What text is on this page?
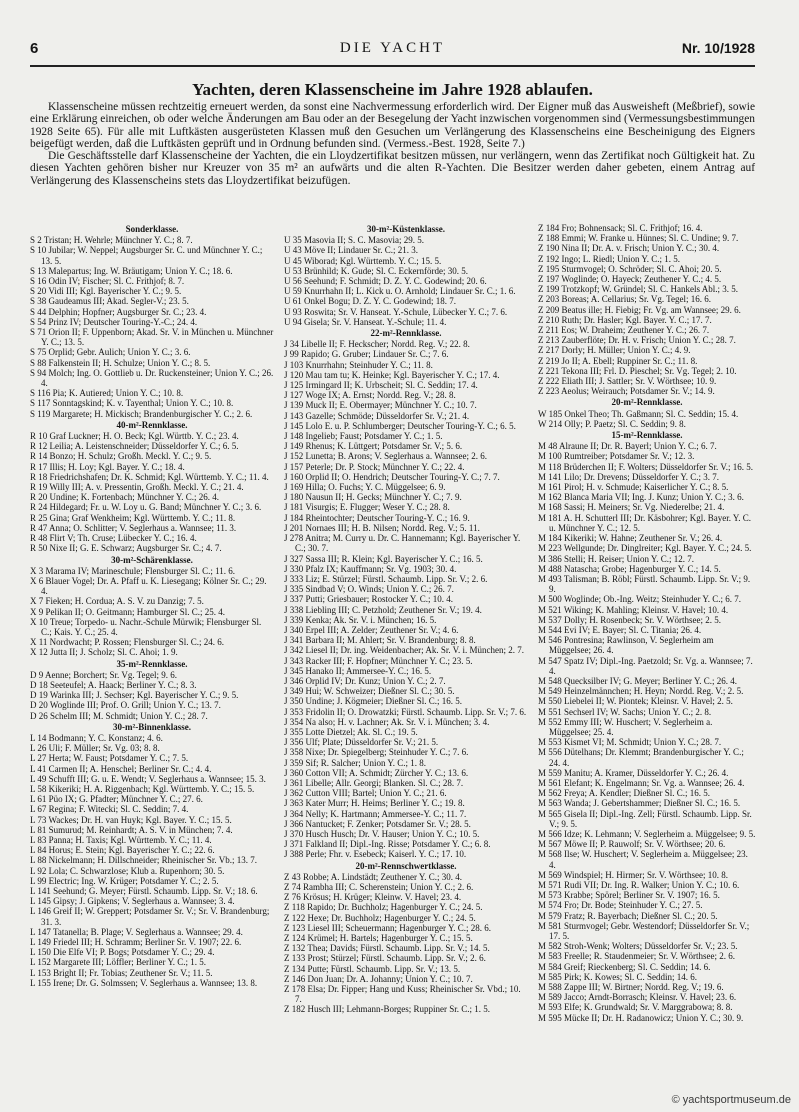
6	DIE YACHT	Nr. 10/1928
Yachten, deren Klassenscheine im Jahre 1928 ablaufen.

Klassenscheine müssen rechtzeitig erneuert werden, da sonst eine Nachvermessung erforderlich wird. Der Eigner muß das Ausweisheft (Meßbrief), sowie eine Erklärung einreichen, ob oder welche Änderungen am Bau oder an der Besegelung der Yacht inzwischen vorgenommen sind (Vermessungsbestimmungen 1928 Seite 65). Für alle mit Luftkästen ausgerüsteten Klassen muß den Gesuchen um Verlängerung des Klassenscheins eine Bescheinigung des Eigners beigefügt werden, daß die Luftkästen geprüft und in Ordnung befunden sind. (Vermess.-Best. 1928, Seite 7.)

Die Geschäftsstelle darf Klassenscheine der Yachten, die ein Lloydzertifikat besitzen müssen, nur verlängern, wenn das Zertifikat noch Gültigkeit hat. Zu diesen Yachten gehören bisher nur Kreuzer von 35 m² an aufwärts und die alten R-Yachten. Die Besitzer werden daher gebeten, einem Antrag auf Verlängerung des Klassenscheins stets das Lloydzertifikat beizufügen.

Sonderklasse.
S 2 Tristan; H. Wehrle; Münchner Y. C.; 8. 7.
S 10 Jubilar; W. Neppel; Augsburger Sr. C. und Münchner Y. C.; 13. 5.
S 13 Malepartus; Ing. W. Bräutigam; Union Y. C.; 18. 6.
S 16 Odin IV; Fischer; Sl. C. Frithjof; 8. 7.
S 20 Vidi III; Kgl. Bayerischer Y. C.; 9. 5.
S 38 Gaudeamus III; Akad. Segler-V.; 23. 5.
S 44 Delphin; Hopfner; Augsburger Sr. C.; 23. 4.
S 54 Prinz IV; Deutscher Touring-Y.-C.; 24. 4.
S 71 Orion II; F. Uppenborn; Akad. Sr. V. in München u. Münchner Y. C.; 13. 5.
S 75 Orplid; Gebr. Aulich; Union Y. C.; 3. 6.
S 88 Falkenstein II; H. Schulze; Union Y. C.; 8. 5.
S 94 Molch; Ing. O. Gottlieb u. Dr. Ruckensteiner; Union Y. C.; 26. 4.
S 116 Pia; K. Autiered; Union Y. C.; 10. 8.
S 117 Sonntagskind; K. v. Tayenthal; Union Y. C.; 10. 8.
S 119 Margarete; H. Mickisch; Brandenburgischer Y. C.; 2. 6.
40-m²-Rennklasse.
R 10 Graf Luckner; H. O. Beck; Kgl. Württb. Y. C.; 23. 4.
R 12 Leilia; A. Leistenschneider; Düsseldorfer Y. C.; 6. 5.
R 14 Bonzo; H. Schulz; Großh. Meckl. Y. C.; 9. 5.
R 17 Illis; H. Loy; Kgl. Bayer. Y. C.; 18. 4.
R 18 Friedrichshafen; Dr. K. Schmid; Kgl. Württemb. Y. C.; 11. 4.
R 19 Willy III; A. v. Pressentin, Großh. Meckl. Y. C.; 21. 4.
R 20 Undine; K. Fortenbach; Münchner Y. C.; 26. 4.
R 24 Hildegard; Fr. u. W. Loy u. G. Band; Münchner Y. C.; 3. 6.
R 25 Gina; Graf Wenkheim; Kgl. Württemb. Y. C.; 11. 8.
R 47 Anna; O. Schlitter; V. Seglerhaus a. Wannsee; 11. 3.
R 48 Flirt V; Th. Cruse; Lübecker Y. C.; 16. 4.
R 50 Nixe II; G. E. Schwarz; Augsburger Sr. C.; 4. 7.
30-m²-Schärenklasse.
X 3 Marama IV; Marineschule; Flensburger Sl. C.; 11. 6.
X 6 Blauer Vogel; Dr. A. Pfaff u. K. Liesegang; Kölner Sr. C.; 29. 4.
X 7 Fieken; H. Cordua; A. S. V. zu Danzig; 7. 5.
X 9 Pelikan II; O. Geitmann; Hamburger Sl. C.; 25. 4.
X 10 Treue; Torpedo- u. Nachr.-Schule Mürwik; Flensburger Sl. C.; Kais. Y. C.; 25. 4.
X 11 Nordwacht; P. Rossen; Flensburger Sl. C.; 24. 6.
X 12 Jutta II; J. Scholz; Sl. C. Ahoi; 1. 9.
35-m²-Rennklasse.
D 9 Aenne; Borchert; Sr. Vg. Tegel; 9. 6.
D 18 Seeteufel; A. Haack; Berliner Y. C.; 8. 3.
D 19 Warinka III; J. Sechser; Kgl. Bayerischer Y. C.; 9. 5.
D 20 Woglinde III; Prof. O. Grill; Union Y. C.; 13. 7.
D 26 Schelm III; M. Schmidt; Union Y. C.; 28. 7.
30-m²-Binnenklasse.
L 14 Bodmann; Y. C. Konstanz; 4. 6.
L 26 Uli; F. Müller; Sr. Vg. 03; 8. 8.
L 27 Herta; W. Faust; Potsdamer Y. C.; 7. 5.
L 41 Carmen II; A. Henschel; Berliner Sr. C.; 4. 4.
L 49 Schufft III; G. u. E. Wendt; V. Seglerhaus a. Wannsee; 15. 3.
L 58 Kikeriki; H. A. Riggenbach; Kgl. Württemb. Y. C.; 15. 5.
L 61 Püo IX; G. Pfadter; Münchner Y. C.; 27. 6.
L 67 Regina; F. Witecki; Sl. C. Seddin; 7. 4.
L 73 Wackes; Dr. H. van Huyk; Kgl. Bayer. Y. C.; 15. 5.
L 81 Sumurud; M. Reinhardt; A. S. V. in München; 7. 4.
L 83 Panna; H. Taxis; Kgl. Württemb. Y. C.; 11. 4.
L 84 Horus; E. Stein; Kgl. Bayerischer Y. C.; 22. 6.
L 88 Nickelmann; H. Dillschneider; Rheinischer Sr. Vb.; 13. 7.
L 92 Lola; C. Schwarzlose; Klub a. Rupenhorn; 30. 5.
L 99 Electric; Ing. W. Krüger; Potsdamer Y. C.; 2. 5.
L 141 Seehund; G. Meyer; Fürstl. Schaumb. Lipp. Sr. V.; 18. 6.
L 145 Gipsy; J. Gipkens; V. Seglerhaus a. Wannsee; 3. 4.
L 146 Greif II; W. Greppert; Potsdamer Sr. V.; Sr. V. Brandenburg; 31. 3.
L 147 Tatanella; B. Plage; V. Seglerhaus a. Wannsee; 29. 4.
L 149 Friedel III; H. Schramm; Berliner Sr. V. 1907; 22. 6.
L 150 Die Elfe VI; P. Bogs; Potsdamer Y. C.; 29. 4.
L 152 Margarete III; Löffler; Berliner Y. C.; 1. 5.
L 153 Bright II; Fr. Tobias; Zeuthener Sr. V.; 11. 5.
L 155 Irene; Dr. G. Solmssen; V. Seglerhaus a. Wannsee; 13. 8.
30-m²-Küstenklasse.
U 35 Masovia II; S. C. Masovia; 29. 5.
U 43 Möve II; Lindauer Sr. C.; 21. 3.
U 45 Wiborad; Kgl. Württemb. Y. C.; 15. 5.
U 53 Brünhild; K. Gude; Sl. C. Eckernförde; 30. 5.
U 56 Seehund; F. Schmidt; D. Z. Y. C. Godewind; 20. 6.
U 59 Knurrhahn II; L. Kick u. O. Arnhold; Lindauer Sr. C.; 1. 6.
U 61 Onkel Bogu; D. Z. Y. C. Godewind; 18. 7.
U 93 Roswita; Sr. V. Hanseat. Y.-Schule, Lübecker Y. C.; 7. 6.
U 94 Gisela; Sr. V. Hanseat. Y.-Schule; 11. 4.
22-m²-Rennklasse.
J 34 Libelle II; F. Heckscher; Nordd. Reg. V.; 22. 8.
J 99 Rapido; G. Gruber; Lindauer Sr. C.; 7. 6.
J 103 Knurrhahn; Steinhuder Y. C.; 11. 8.
J 120 Mau tam tu; K. Heinke; Kgl. Bayerischer Y. C.; 17. 4.
J 125 Irmingard II; K. Urbscheit; Sl. C. Seddin; 17. 4.
J 127 Woge IX; A. Ernst; Nordd. Reg. V.; 28. 8.
J 139 Muck II; E. Obermayer; Münchner Y. C.; 10. 7.
J 143 Gazelle; Schmöde; Düsseldorfer Sr. V.; 21. 4.
J 145 Lolo E. u. P. Schlumberger; Deutscher Touring-Y. C.; 6. 5.
J 148 Ingelieb; Faust; Potsdamer Y. C.; 1. 5.
J 149 Rhenus; K. Lüttgert; Potsdamer Sr. V.; 5. 6.
J 152 Lunetta; B. Arons; V. Seglerhaus a. Wannsee; 2. 6.
J 157 Peterle; Dr. P. Stock; Münchner Y. C.; 22. 4.
J 160 Orplid II; O. Hendrich; Deutscher Touring-Y. C.; 7. 7.
J 169 Hilla; O. Fuchs; Y. C. Müggelsee; 6. 9.
J 180 Nausun II; H. Gecks; Münchner Y. C.; 7. 9.
J 181 Visurgis; E. Flugger; Weser Y. C.; 28. 8.
J 184 Rheintochter; Deutscher Touring-Y. C.; 16. 9.
J 201 Nornaes III; H. B. Nilsen; Nordd. Reg. V.; 5. 11.
J 278 Anitra; M. Curry u. Dr. C. Hannemann; Kgl. Bayerischer Y. C.; 30. 7.
J 327 Sassa III; R. Klein; Kgl. Bayerischer Y. C.; 16. 5.
J 330 Pfalz IX; Kauffmann; Sr. Vg. 1903; 30. 4.
J 333 Liz; E. Stürzel; Fürstl. Schaumb. Lipp. Sr. V.; 2. 6.
J 335 Sindbad V; O. Winds; Union Y. C.; 26. 7.
J 337 Putti; Griesbauer; Rostocker Y. C.; 10. 4.
J 338 Liebling III; C. Petzhold; Zeuthener Sr. V.; 19. 4.
J 339 Kenka; Ak. Sr. V. i. München; 16. 5.
J 340 Erpel III; A. Zelder; Zeuthener Sr. V.; 4. 6.
J 341 Barbara II; M. Ahlert; Sr. V. Brandenburg; 8. 8.
J 342 Liesel II; Dr. ing. Weidenbacher; Ak. Sr. V. i. München; 2. 7.
J 343 Racker III; F. Hopfner; Münchner Y. C.; 23. 5.
J 345 Hanako II; Ammersee-Y. C.; 16. 5.
J 346 Orplid IV; Dr. Kunz; Union Y. C.; 2. 7.
J 349 Hui; W. Schweizer; Dießner Sl. C.; 30. 5.
J 350 Undine; J. Kögmeier; Dießner Sl. C.; 16. 5.
J 353 Fridolin II; O. Drowatzki; Fürstl. Schaumb. Lipp. Sr. V.; 7. 6.
J 354 Na also; H. v. Lachner; Ak. Sr. V. i. München; 3. 4.
J 355 Lotte Dietzel; Ak. Sl. C.; 19. 5.
J 356 Ulf; Plate; Düsseldorfer Sr. V.; 21. 5.
J 358 Nixe; Dr. Spiegelberg; Steinhuder Y. C.; 7. 6.
J 359 Sif; R. Salcher; Union Y. C.; 1. 8.
J 360 Cotton VII; A. Schmidt; Zürcher Y. C.; 13. 6.
J 361 Libelle; Allr. Georgi; Blanken. Sl. C.; 28. 7.
J 362 Cutton VIII; Bartel; Union Y. C.; 21. 6.
J 363 Kater Murr; H. Heims; Berliner Y. C.; 19. 8.
J 364 Nelly; K. Hartmann; Ammersee-Y. C.; 11. 7.
J 366 Nantucket; F. Zenker; Potsdamer Sr. V.; 28. 5.
J 370 Husch Husch; Dr. V. Hauser; Union Y. C.; 10. 5.
J 371 Falkland II; Dipl.-Ing. Risse; Potsdamer Y. C.; 6. 8.
J 388 Perle; Fhr. v. Esebeck; Kaiserl. Y. C.; 17. 10.
20-m²-Rennschwertklasse.
Z 43 Robbe; A. Lindstädt; Zeuthener Y. C.; 30. 4.
Z 74 Rambha III; C. Scherenstein; Union Y. C.; 2. 6.
Z 76 Krösus; H. Krüger; Kleinw. V. Havel; 23. 4.
Z 118 Rapido; Dr. Buchholz; Hagenburger Y. C.; 24. 5.
Z 122 Hexe; Dr. Buchholz; Hagenburger Y. C.; 24. 5.
Z 123 Liesel III; Scheuermann; Hagenburger Y. C.; 28. 6.
Z 124 Krümel; H. Bartels; Hagenburger Y. C.; 15. 5.
Z 132 Thea; Davids; Fürstl. Schaumb. Lipp. Sr. V.; 14. 5.
Z 133 Prost; Stürzel; Fürstl. Schaumb. Lipp. Sr. V.; 2. 6.
Z 134 Putte; Fürstl. Schaumb. Lipp. Sr. V.; 13. 5.
Z 146 Don Juan; Dr. A. Johanny; Union Y. C.; 10. 7.
Z 178 Elsa; Dr. Fipper; Hang und Kuss; Rheinischer Sr. Vbd.; 10. 7.
Z 182 Husch III; Lehmann-Borges; Ruppiner Sr. C.; 1. 5.
Z 184 Fro; Bohnensack; Sl. C. Frithjof; 16. 4.
Z 188 Emmi; W. Franke u. Hünnes; Sl. C. Undine; 9. 7.
Z 190 Nina II; Dr. A. v. Frisch; Union Y. C.; 30. 4.
Z 192 Ingo; L. Riedl; Union Y. C.; 1. 5.
Z 195 Sturmvogel; O. Schröder; Sl. C. Ahoi; 20. 5.
Z 197 Woglinde; O. Hayeck; Zeuthener Y. C.; 4. 5.
Z 199 Trotzkopf; W. Gründel; Sl. C. Hankels Abl.; 3. 5.
Z 203 Boreas; A. Cellarius; Sr. Vg. Tegel; 16. 6.
Z 209 Beatus ille; H. Fiebig; Fr. Vg. am Wannsee; 29. 6.
Z 210 Ruth; Dr. Hasler; Kgl. Bayer. Y. C.; 17. 7.
Z 211 Eos; W. Draheim; Zeuthener Y. C.; 26. 7.
Z 213 Zauberflöte; Dr. H. v. Frisch; Union Y. C.; 28. 7.
Z 217 Dorly; H. Müller; Union Y. C.; 4. 9.
Z 219 Jo II; A. Ebell; Ruppiner Sr. C.; 11. 8.
Z 221 Tekona III; Frl. D. Pieschel; Sr. Vg. Tegel; 2. 10.
Z 222 Eliath III; J. Sattler; Sr. V. Wörthsee; 10. 9.
Z 223 Aeolus; Weirauch; Potsdamer Sr. V.; 14. 9.
20-m²-Rennklasse.
W 185 Onkel Theo; Th. Gaßmann; Sl. C. Seddin; 15. 4.
W 214 Olly; P. Paetz; Sl. C. Seddin; 9. 8.
15-m²-Rennklasse.
M 48 Alraune II; Dr. R. Bayerl; Union Y. C.; 6. 7.
M 100 Rumtreiber; Potsdamer Sr. V.; 12. 3.
M 118 Brüderchen II; F. Wolters; Düsseldorfer Sr. V.; 16. 5.
M 141 Lilo; Dr. Drevens; Düsseldorfer Y. C.; 3. 7.
M 161 Pirol; H. v. Schmude; Kaiserlicher Y. C.; 8. 5.
M 162 Blanca Maria VII; Ing. J. Kunz; Union Y. C.; 3. 6.
M 168 Sassi; H. Meiners; Sr. Vg. Niederelbe; 21. 4.
M 181 A. H. Schutterl III; Dr. Käsbohrer; Kgl. Bayer. Y. C. u. Münchner Y. C.; 12. 5.
M 184 Kikeriki; W. Hahne; Zeuthener Sr. V.; 26. 4.
M 223 Wellgunde; Dr. Dinglreiter; Kgl. Bayer. Y. C.; 24. 5.
M 386 Stelli; H. Reiser; Union Y. C.; 12. 7.
M 488 Natascha; Grobe; Hagenburger Y. C.; 14. 5.
M 493 Talisman; B. Röbl; Fürstl. Schaumb. Lipp. Sr. V.; 9. 9.
M 500 Woglinde; Ob.-Ing. Weitz; Steinhuder Y. C.; 6. 7.
M 521 Wiking; K. Mahling; Kleinsr. V. Havel; 10. 4.
M 537 Dolly; H. Rosenbeck; Sr. V. Wörthsee; 2. 5.
M 544 Evi IV; E. Bayer; Sl. C. Titania; 26. 4.
M 546 Pontresina; Rawlinson, V. Seglerheim am Müggelsee; 26. 4.
M 547 Spatz IV; Dipl.-Ing. Paetzold; Sr. Vg. a. Wannsee; 7. 4.
M 548 Quecksilber IV; G. Meyer; Berliner Y. C.; 26. 4.
M 549 Heinzelmännchen; H. Heyn; Nordd. Reg. V.; 2. 5.
M 550 Liebelei II; W. Piontek; Kleinsr. V. Havel; 2. 5.
M 551 Sechserl IV; W. Sachs; Union Y. C.; 2. 8.
M 552 Emmy III; W. Huschert; V. Seglerheim a. Müggelsee; 25. 4.
M 553 Kismet VI; M. Schmidt; Union Y. C.; 28. 7.
M 556 Dütelhans; Dr. Klemmt; Brandenburgischer Y. C.; 24. 4.
M 559 Manitu; A. Kramer, Düsseldorfer Y. C.; 26. 4.
M 561 Elefant; K. Engelmann; Sr. Vg. a. Wannsee; 26. 4.
M 562 Freya; A. Kendler; Dießner Sl. C.; 16. 5.
M 563 Wanda; J. Gebertshammer; Dießner Sl. C.; 16. 5.
M 565 Gisela II; Dipl.-Ing. Zell; Fürstl. Schaumb. Lipp. Sr. V.; 9. 5.
M 566 Idze; K. Lehmann; V. Seglerheim a. Müggelsee; 9. 5.
M 567 Möwe II; P. Rauwolf; Sr. V. Wörthsee; 20. 6.
M 568 Ilse; W. Huschert; V. Seglerheim a. Müggelsee; 23. 4.
M 569 Windspiel; H. Hirmer; Sr. V. Wörthsee; 10. 8.
M 571 Rudi VII; Dr. Ing. R. Walker; Union Y. C.; 10. 6.
M 573 Krabbe; Spörel; Berliner Sr. V. 1907; 16. 5.
M 574 Fro; Dr. Bode; Steinhuder Y. C.; 27. 5.
M 579 Fratz; R. Bayerbach; Dießner Sl. C.; 20. 5.
M 581 Sturmvogel; Gebr. Westendorf; Düsseldorfer Sr. V.; 17. 5.
M 582 Stroh-Wenk; Wolters; Düsseldorfer Sr. V.; 23. 5.
M 583 Freelle; R. Staudenmeier; Sr. V. Wörthsee; 2. 6.
M 584 Greif; Rieckenberg; Sl. C. Seddin; 14. 6.
M 585 Pirk; K. Kowes; Sl. C. Seddin; 14. 6.
M 588 Zappe III; W. Birtner; Nordd. Reg. V.; 19. 6.
M 589 Jacco; Arndt-Borrasch; Kleinsr. V. Havel; 23. 6.
M 593 Elfe; K. Grundwald; Sr. V. Marggrabowa; 8. 8.
M 595 Mücke II; Dr. H. Radanowicz; Union Y. C.; 30. 9.
© yachtsportmuseum.de
